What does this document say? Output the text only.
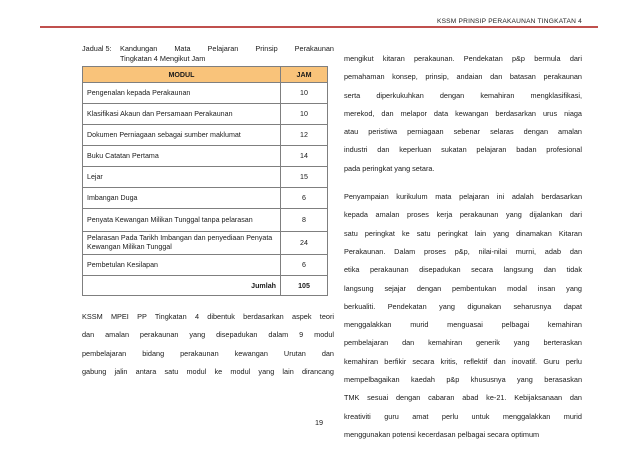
KSSM PRINSIP PERAKAUNAN TINGKATAN 4
Jadual 5: Kandungan Mata Pelajaran Prinsip Perakaunan
Tingkatan 4 Mengikut Jam
MODUL	JAM
Pengenalan kepada Perakaunan	10
Klasifikasi Akaun dan Persamaan Perakaunan	10
Dokumen Perniagaan sebagai sumber maklumat	12
Buku Catatan Pertama	14
Lejar	15
Imbangan Duga	6
Penyata Kewangan Milikan Tunggal tanpa pelarasan	8
Pelarasan Pada Tarikh Imbangan dan penyediaan Penyata Kewangan Milikan Tunggal	24
Pembetulan Kesilapan	6
Jumlah	105
KSSM MPEI PP Tingkatan 4 dibentuk berdasarkan aspek teori
dan amalan perakaunan yang disepadukan dalam 9 modul
pembelajaran bidang perakaunan kewangan Urutan dan
gabung jalin antara satu modul ke modul yang lain dirancang
mengikut kitaran perakaunan. Pendekatan p&p bermula dari
pemahaman konsep, prinsip, andaian dan batasan perakaunan
serta diperkukuhkan dengan kemahiran mengklasifikasi,
merekod, dan melapor data kewangan berdasarkan urus niaga
atau peristiwa perniagaan sebenar selaras dengan amalan
industri dan keperluan sukatan pelajaran badan profesional
pada peringkat yang setara.
Penyampaian kurikulum mata pelajaran ini adalah berdasarkan
kepada amalan proses kerja perakaunan yang dijalankan dari
satu peringkat ke satu peringkat lain yang dinamakan Kitaran
Perakaunan. Dalam proses p&p, nilai-nilai murni, adab dan
etika perakaunan disepadukan secara langsung dan tidak
langsung sejajar dengan pembentukan modal insan yang
berkualiti. Pendekatan yang digunakan seharusnya dapat
menggalakkan murid menguasai pelbagai kemahiran
pembelajaran dan kemahiran generik yang berteraskan
kemahiran berfikir secara kritis, reflektif dan inovatif. Guru perlu
mempelbagaikan kaedah p&p khususnya yang berasaskan
TMK sesuai dengan cabaran abad ke-21. Kebijaksanaan dan
kreativiti guru amat perlu untuk menggalakkan murid
menggunakan potensi kecerdasan pelbagai secara optimum
19
